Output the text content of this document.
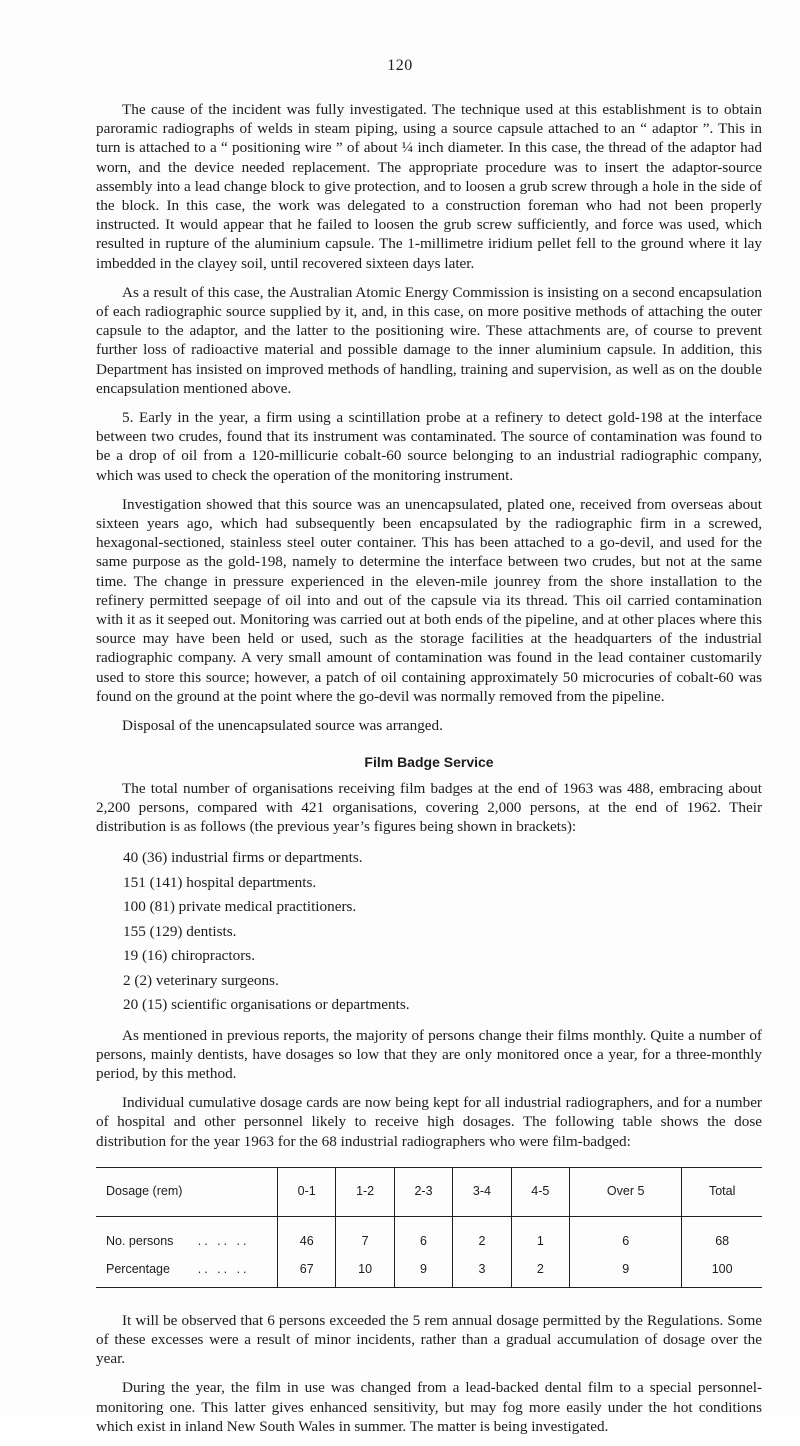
120

The cause of the incident was fully investigated. The technique used at this establishment is to obtain paroramic radiographs of welds in steam piping, using a source capsule attached to an “ adaptor ”. This in turn is attached to a “ positioning wire ” of about ¼ inch diameter. In this case, the thread of the adaptor had worn, and the device needed replacement. The appropriate procedure was to insert the adaptor-source assembly into a lead change block to give protection, and to loosen a grub screw through a hole in the side of the block. In this case, the work was delegated to a construction foreman who had not been properly instructed. It would appear that he failed to loosen the grub screw sufficiently, and force was used, which resulted in rupture of the aluminium capsule. The 1-millimetre iridium pellet fell to the ground where it lay imbedded in the clayey soil, until recovered sixteen days later.

As a result of this case, the Australian Atomic Energy Commission is insisting on a second encapsulation of each radiographic source supplied by it, and, in this case, on more positive methods of attaching the outer capsule to the adaptor, and the latter to the positioning wire. These attachments are, of course to prevent further loss of radioactive material and possible damage to the inner aluminium capsule. In addition, this Department has insisted on improved methods of handling, training and supervision, as well as on the double encapsulation mentioned above.

5. Early in the year, a firm using a scintillation probe at a refinery to detect gold-198 at the interface between two crudes, found that its instrument was contaminated. The source of contamination was found to be a drop of oil from a 120-millicurie cobalt-60 source belonging to an industrial radiographic company, which was used to check the operation of the monitoring instrument.

Investigation showed that this source was an unencapsulated, plated one, received from overseas about sixteen years ago, which had subsequently been encapsulated by the radiographic firm in a screwed, hexagonal-sectioned, stainless steel outer container. This has been attached to a go-devil, and used for the same purpose as the gold-198, namely to determine the interface between two crudes, but not at the same time. The change in pressure experienced in the eleven-mile jounrey from the shore installation to the refinery permitted seepage of oil into and out of the capsule via its thread. This oil carried contamination with it as it seeped out. Monitoring was carried out at both ends of the pipeline, and at other places where this source may have been held or used, such as the storage facilities at the headquarters of the industrial radiographic company. A very small amount of contamination was found in the lead container customarily used to store this source; however, a patch of oil containing approximately 50 microcuries of cobalt-60 was found on the ground at the point where the go-devil was normally removed from the pipeline.

Disposal of the unencapsulated source was arranged.

Film Badge Service

The total number of organisations receiving film badges at the end of 1963 was 488, embracing about 2,200 persons, compared with 421 organisations, covering 2,000 persons, at the end of 1962. Their distribution is as follows (the previous year’s figures being shown in brackets):

40 (36) industrial firms or departments.
151 (141) hospital departments.
100 (81) private medical practitioners.
155 (129) dentists.
19 (16) chiropractors.
2 (2) veterinary surgeons.
20 (15) scientific organisations or departments.

As mentioned in previous reports, the majority of persons change their films monthly. Quite a number of persons, mainly dentists, have dosages so low that they are only monitored once a year, for a three-monthly period, by this method.

Individual cumulative dosage cards are now being kept for all industrial radiographers, and for a number of hospital and other personnel likely to receive high dosages. The following table shows the dose distribution for the year 1963 for the 68 industrial radiographers who were film-badged:

Dosage (rem)	0-1	1-2	2-3	3-4	4-5	Over 5	Total
No. persons .. .. ..	46	7	6	2	1	6	68
Percentage .. .. ..	67	10	9	3	2	9	100

It will be observed that 6 persons exceeded the 5 rem annual dosage permitted by the Regulations. Some of these excesses were a result of minor incidents, rather than a gradual accumulation of dosage over the year.

During the year, the film in use was changed from a lead-backed dental film to a special personnel-monitoring one. This latter gives enhanced sensitivity, but may fog more easily under the hot conditions which exist in inland New South Wales in summer. The matter is being investigated.
